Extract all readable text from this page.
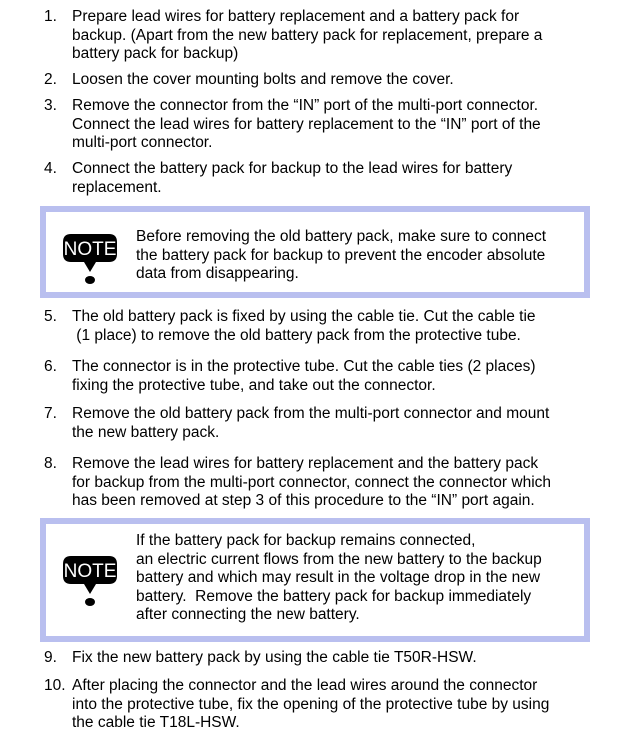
1. Prepare lead wires for battery replacement and a battery pack for
backup. (Apart from the new battery pack for replacement, prepare a
battery pack for backup)
2. Loosen the cover mounting bolts and remove the cover.
3. Remove the connector from the “IN” port of the multi-port connector.
Connect the lead wires for battery replacement to the “IN” port of the
multi-port connector.
4. Connect the battery pack for backup to the lead wires for battery
replacement.
NOTE
Before removing the old battery pack, make sure to connect
the battery pack for backup to prevent the encoder absolute
data from disappearing.
5. The old battery pack is fixed by using the cable tie. Cut the cable tie
(1 place) to remove the old battery pack from the protective tube.
6. The connector is in the protective tube. Cut the cable ties (2 places)
fixing the protective tube, and take out the connector.
7. Remove the old battery pack from the multi-port connector and mount
the new battery pack.
8. Remove the lead wires for battery replacement and the battery pack
for backup from the multi-port connector, connect the connector which
has been removed at step 3 of this procedure to the “IN” port again.
NOTE
If the battery pack for backup remains connected,
an electric current flows from the new battery to the backup
battery and which may result in the voltage drop in the new
battery.  Remove the battery pack for backup immediately
after connecting the new battery.
9. Fix the new battery pack by using the cable tie T50R-HSW.
10. After placing the connector and the lead wires around the connector
into the protective tube, fix the opening of the protective tube by using
the cable tie T18L-HSW.
